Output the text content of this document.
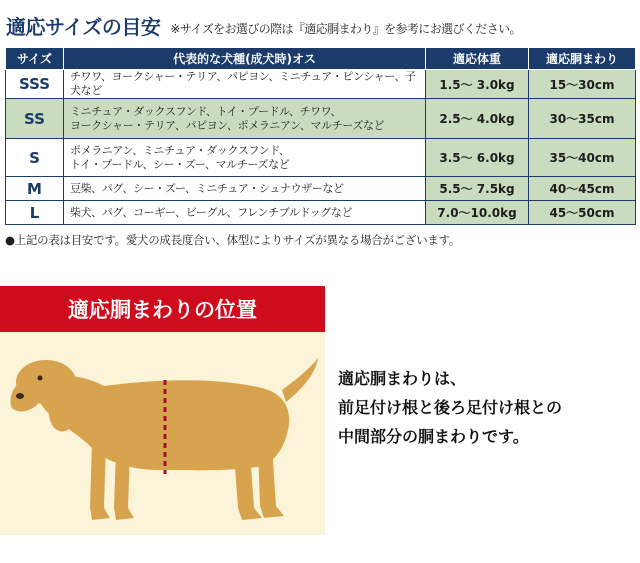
適応サイズの目安 ※サイズをお選びの際は『適応胴まわり』を参考にお選びください。
サイズ	代表的な犬種(成犬時)オス	適応体重	適応胴まわり
SSS	チワワ、ヨークシャー・テリア、パピヨン、ミニチュア・ピンシャー、子犬など	1.5～ 3.0kg	15～30cm
SS	ミニチュア・ダックスフンド、トイ・プードル、チワワ、
ヨークシャー・テリア、パピヨン、ポメラニアン、マルチーズなど	2.5～ 4.0kg	30～35cm
S	ポメラニアン、ミニチュア・ダックスフンド、
トイ・プードル、シー・ズー、マルチーズなど	3.5～ 6.0kg	35～40cm
M	豆柴、パグ、シー・ズー、ミニチュア・シュナウザーなど	5.5～ 7.5kg	40～45cm
L	柴犬、パグ、コーギー、ビーグル、フレンチブルドッグなど	7.0～10.0kg	45～50cm
●上記の表は目安です。愛犬の成長度合い、体型によりサイズが異なる場合がございます。
適応胴まわりの位置
適応胴まわりは、
前足付け根と後ろ足付け根との
中間部分の胴まわりです。
